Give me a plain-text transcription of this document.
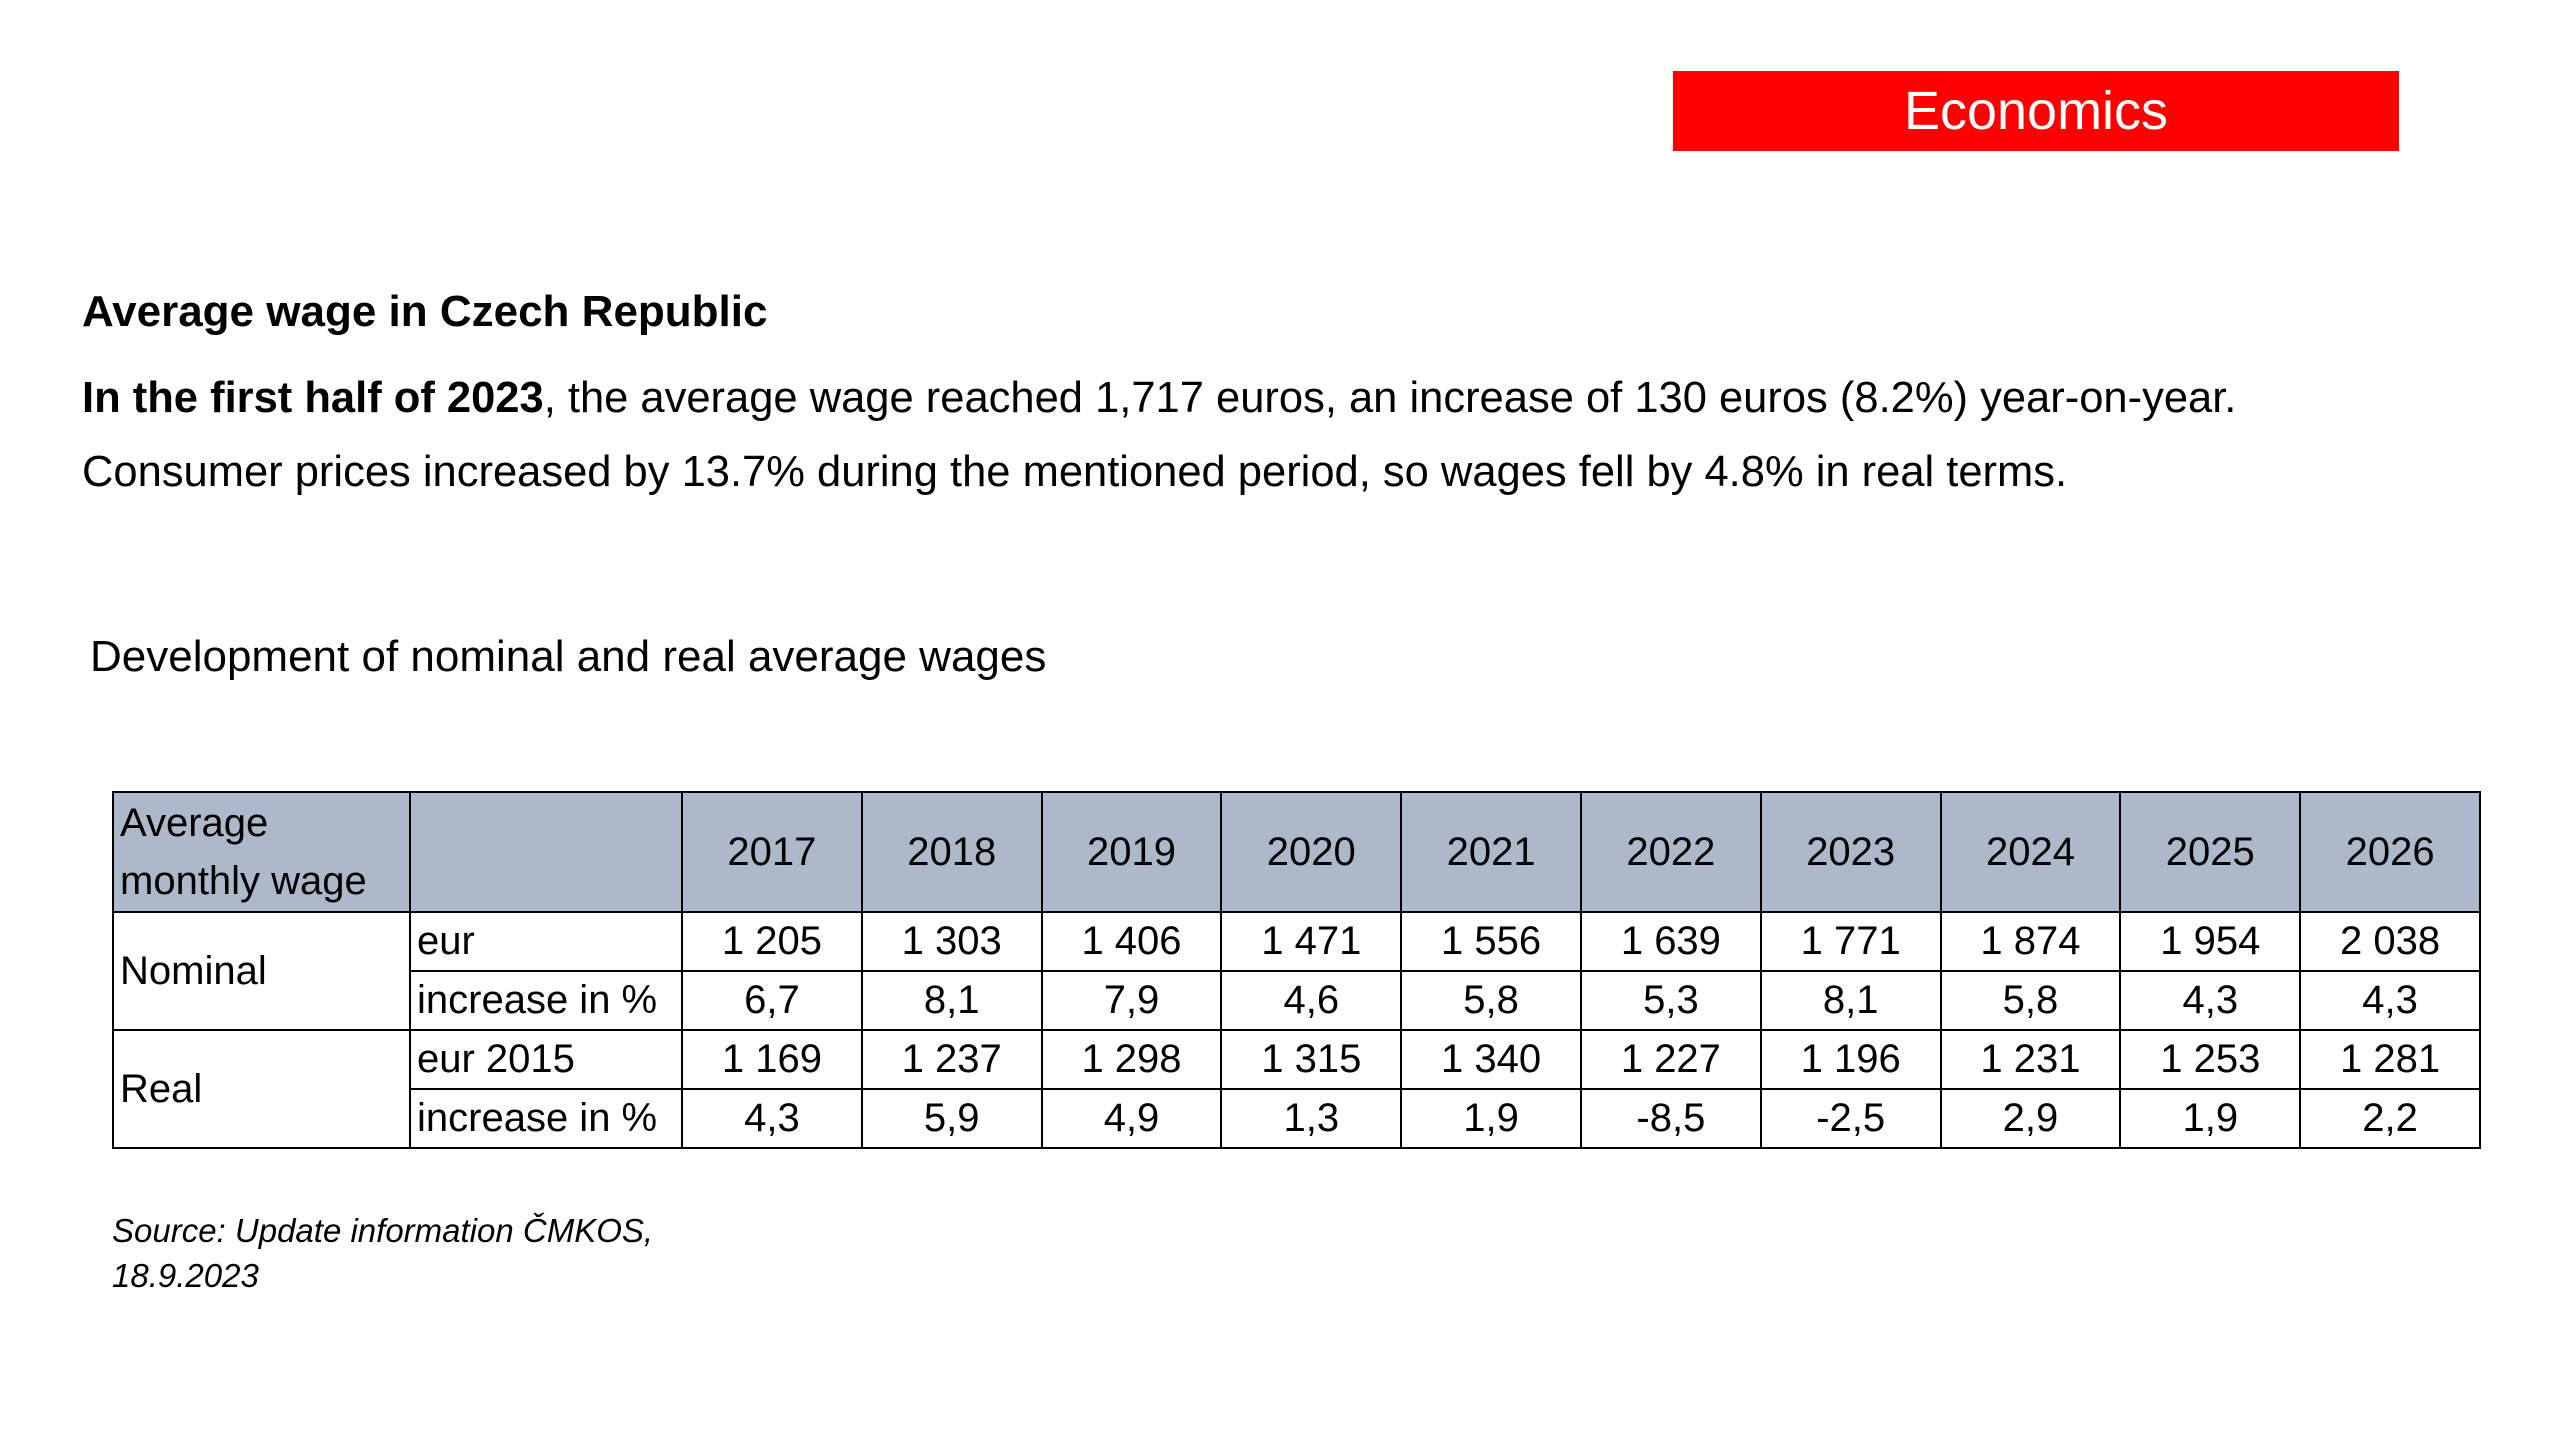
Economics
Average wage in Czech Republic
In the first half of 2023, the average wage reached 1,717 euros, an increase of 130 euros (8.2%) year-on-year.
Consumer prices increased by 13.7% during the mentioned period, so wages fell by 4.8% in real terms.
Development of nominal and real average wages
Average monthly wage		2017	2018	2019	2020	2021	2022	2023	2024	2025	2026
Nominal	eur	1 205	1 303	1 406	1 471	1 556	1 639	1 771	1 874	1 954	2 038
	increase in %	6,7	8,1	7,9	4,6	5,8	5,3	8,1	5,8	4,3	4,3
Real	eur 2015	1 169	1 237	1 298	1 315	1 340	1 227	1 196	1 231	1 253	1 281
	increase in %	4,3	5,9	4,9	1,3	1,9	-8,5	-2,5	2,9	1,9	2,2
Source: Update information ČMKOS,
18.9.2023
